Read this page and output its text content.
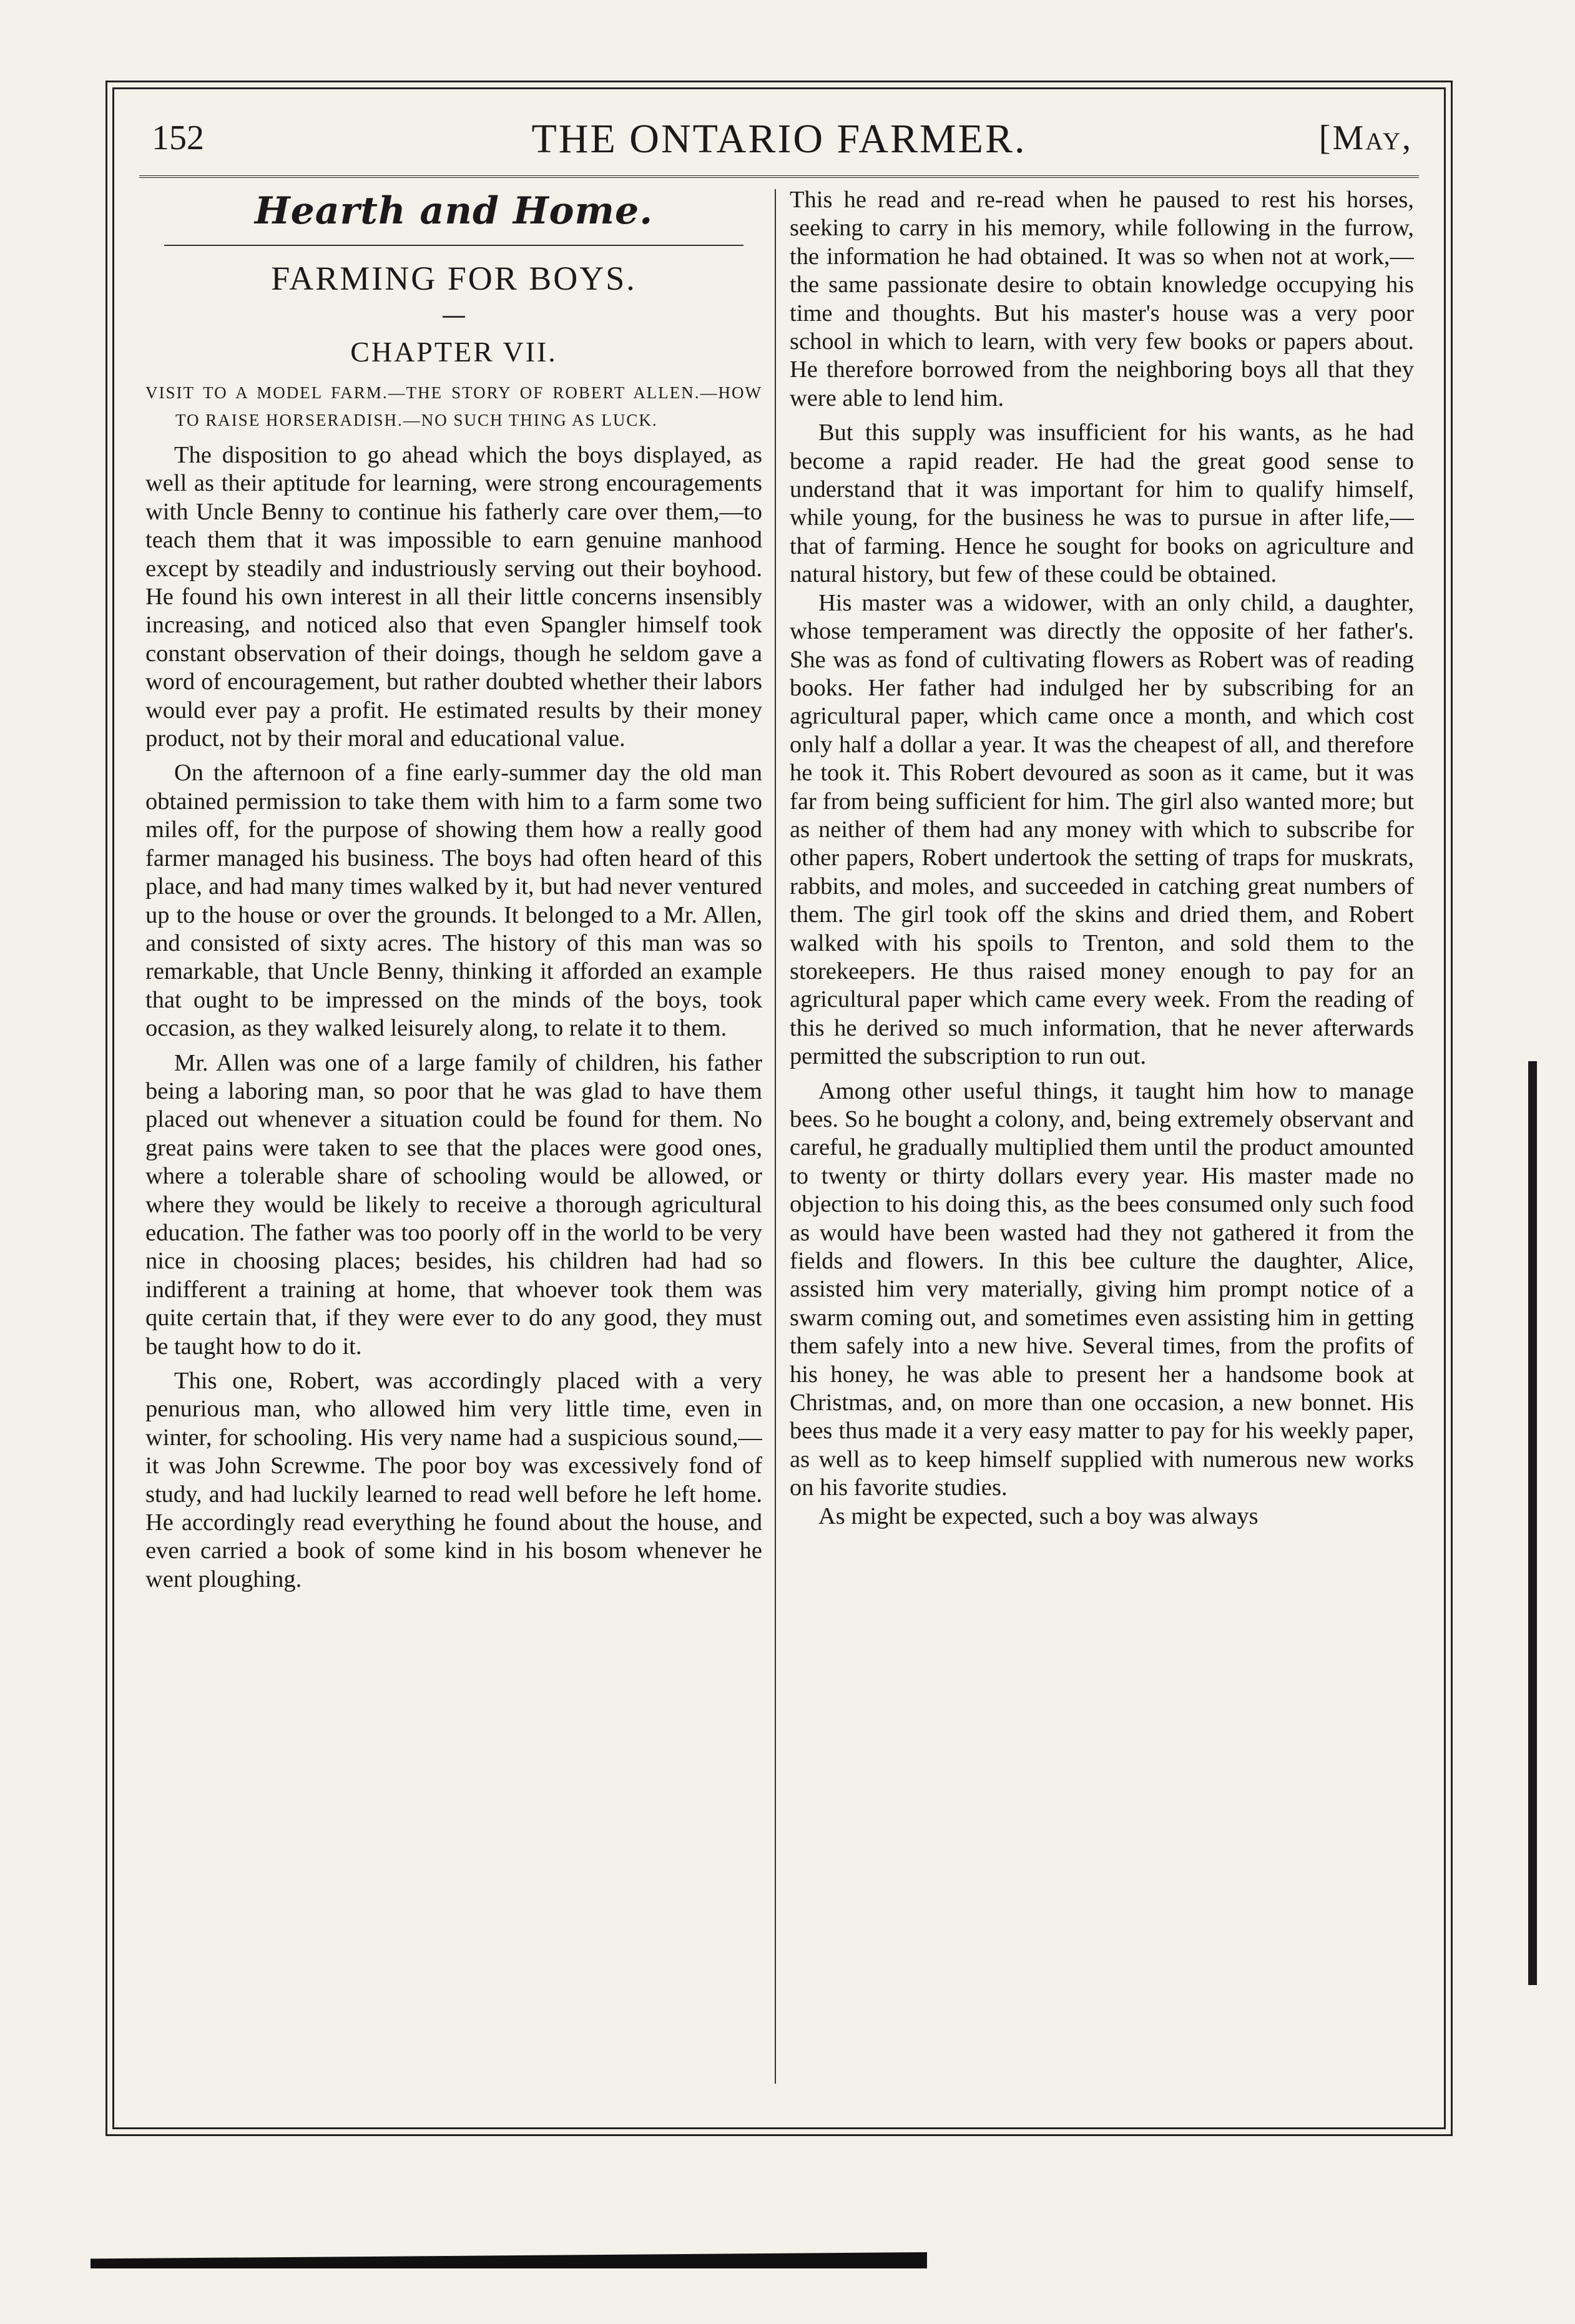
152	THE ONTARIO FARMER.	[May,
Hearth and Home.
FARMING FOR BOYS.
CHAPTER VII.
VISIT TO A MODEL FARM.—THE STORY OF ROBERT ALLEN.—HOW TO RAISE HORSERADISH.—NO SUCH THING AS LUCK.

The disposition to go ahead which the boys displayed, as well as their aptitude for learning, were strong encouragements with Uncle Benny to continue his fatherly care over them,—to teach them that it was impossible to earn genuine manhood except by steadily and industriously serving out their boyhood. He found his own interest in all their little concerns insensibly increasing, and noticed also that even Spangler himself took constant observation of their doings, though he seldom gave a word of encouragement, but rather doubted whether their labors would ever pay a profit. He estimated results by their money product, not by their moral and educational value.

On the afternoon of a fine early-summer day the old man obtained permission to take them with him to a farm some two miles off, for the purpose of showing them how a really good farmer managed his business. The boys had often heard of this place, and had many times walked by it, but had never ventured up to the house or over the grounds. It belonged to a Mr. Allen, and consisted of sixty acres. The history of this man was so remarkable, that Uncle Benny, thinking it afforded an example that ought to be impressed on the minds of the boys, took occasion, as they walked leisurely along, to relate it to them.

Mr. Allen was one of a large family of children, his father being a laboring man, so poor that he was glad to have them placed out whenever a situation could be found for them. No great pains were taken to see that the places were good ones, where a tolerable share of schooling would be allowed, or where they would be likely to receive a thorough agricultural education. The father was too poorly off in the world to be very nice in choosing places; besides, his children had had so indifferent a training at home, that whoever took them was quite certain that, if they were ever to do any good, they must be taught how to do it.

This one, Robert, was accordingly placed with a very penurious man, who allowed him very little time, even in winter, for schooling. His very name had a suspicious sound,—it was John Screwme. The poor boy was excessively fond of study, and had luckily learned to read well before he left home. He accordingly read everything he found about the house, and even carried a book of some kind in his bosom whenever he went ploughing.

This he read and re-read when he paused to rest his horses, seeking to carry in his memory, while following in the furrow, the information he had obtained. It was so when not at work,—the same passionate desire to obtain knowledge occupying his time and thoughts. But his master's house was a very poor school in which to learn, with very few books or papers about. He therefore borrowed from the neighboring boys all that they were able to lend him.

But this supply was insufficient for his wants, as he had become a rapid reader. He had the great good sense to understand that it was important for him to qualify himself, while young, for the business he was to pursue in after life,—that of farming. Hence he sought for books on agriculture and natural history, but few of these could be obtained.

His master was a widower, with an only child, a daughter, whose temperament was directly the opposite of her father's. She was as fond of cultivating flowers as Robert was of reading books. Her father had indulged her by subscribing for an agricultural paper, which came once a month, and which cost only half a dollar a year. It was the cheapest of all, and therefore he took it. This Robert devoured as soon as it came, but it was far from being sufficient for him. The girl also wanted more; but as neither of them had any money with which to subscribe for other papers, Robert undertook the setting of traps for muskrats, rabbits, and moles, and succeeded in catching great numbers of them. The girl took off the skins and dried them, and Robert walked with his spoils to Trenton, and sold them to the storekeepers. He thus raised money enough to pay for an agricultural paper which came every week. From the reading of this he derived so much information, that he never afterwards permitted the subscription to run out.

Among other useful things, it taught him how to manage bees. So he bought a colony, and, being extremely observant and careful, he gradually multiplied them until the product amounted to twenty or thirty dollars every year. His master made no objection to his doing this, as the bees consumed only such food as would have been wasted had they not gathered it from the fields and flowers. In this bee culture the daughter, Alice, assisted him very materially, giving him prompt notice of a swarm coming out, and sometimes even assisting him in getting them safely into a new hive. Several times, from the profits of his honey, he was able to present her a handsome book at Christmas, and, on more than one occasion, a new bonnet. His bees thus made it a very easy matter to pay for his weekly paper, as well as to keep himself supplied with numerous new works on his favorite studies.

As might be expected, such a boy was always
